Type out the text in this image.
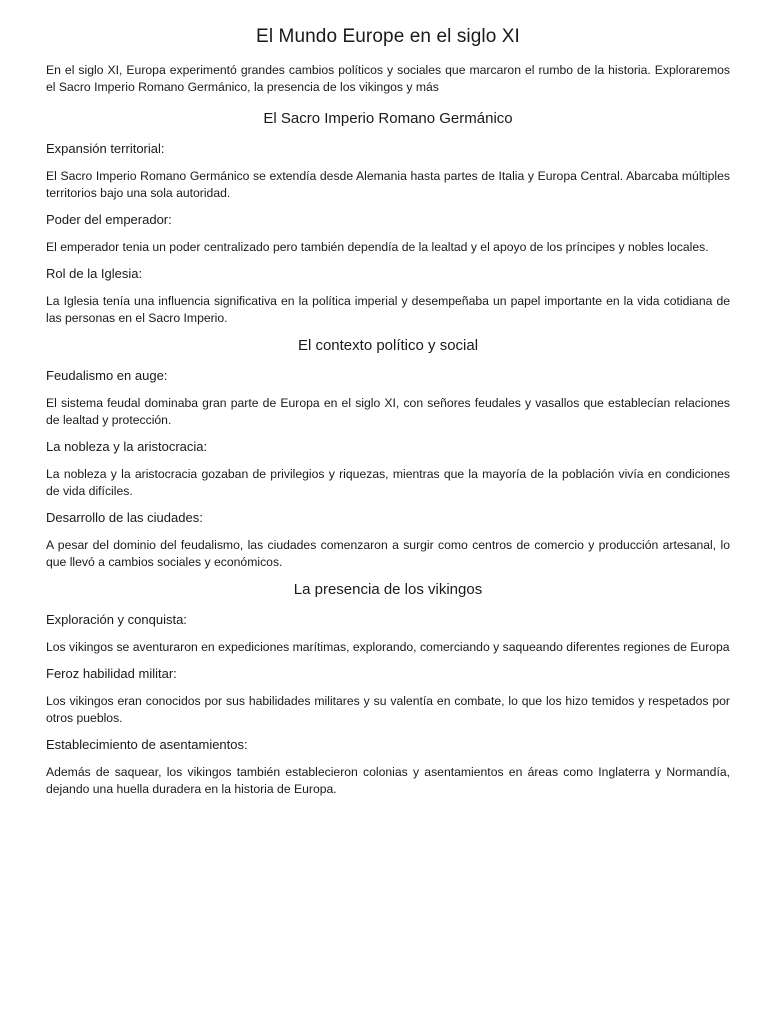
El Mundo Europe en el siglo XI

En el siglo XI, Europa experimentó grandes cambios políticos y sociales que marcaron el rumbo de la historia. Exploraremos el Sacro Imperio Romano Germánico, la presencia de los vikingos y más

El Sacro Imperio Romano Germánico
Expansión territorial:

El Sacro Imperio Romano Germánico se extendía desde Alemania hasta partes de Italia y Europa Central. Abarcaba múltiples territorios bajo una sola autoridad.

Poder del emperador:

El emperador tenia un poder centralizado pero también dependía de la lealtad y el apoyo de los príncipes y nobles locales.

Rol de la Iglesia:

La Iglesia tenía una influencia significativa en la política imperial y desempeñaba un papel importante en la vida cotidiana de las personas en el Sacro Imperio.

El contexto político y social
Feudalismo en auge:

El sistema feudal dominaba gran parte de Europa en el siglo XI, con señores feudales y vasallos que establecían relaciones de lealtad y protección.

La nobleza y la aristocracia:

La nobleza y la aristocracia gozaban de privilegios y riquezas, mientras que la mayoría de la población vivía en condiciones de vida difíciles.

Desarrollo de las ciudades:

A pesar del dominio del feudalismo, las ciudades comenzaron a surgir como centros de comercio y producción artesanal, lo que llevó a cambios sociales y económicos.

La presencia de los vikingos
Exploración y conquista:

Los vikingos se aventuraron en expediciones marítimas, explorando, comerciando y saqueando diferentes regiones de Europa

Feroz habilidad militar:

Los vikingos eran conocidos por sus habilidades militares y su valentía en combate, lo que los hizo temidos y respetados por otros pueblos.

Establecimiento de asentamientos:

Además de saquear, los vikingos también establecieron colonias y asentamientos en áreas como Inglaterra y Normandía, dejando una huella duradera en la historia de Europa.
